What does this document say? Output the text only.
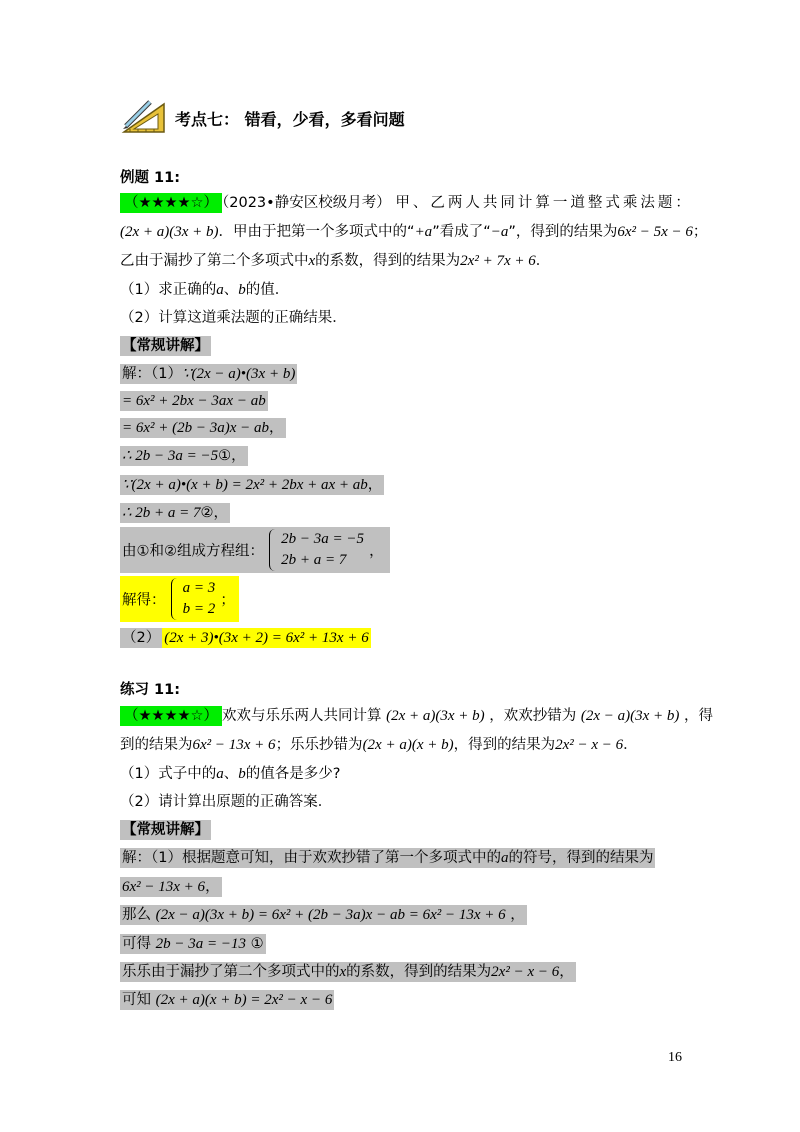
考点七： 错看，少看，多看问题
例题 11:
（★★★★☆） （2023•静安区校级月考） 甲、乙两人共同计算一道整式乘法题：
(2x + a)(3x + b)．甲由于把第一个多项式中的“+a”看成了“−a”，得到的结果为6x² − 5x − 6；
乙由于漏抄了第二个多项式中x的系数，得到的结果为2x² + 7x + 6．
（1）求正确的a、b的值．
（2）计算这道乘法题的正确结果．
【常规讲解】
解：（1）∵(2x − a)•(3x + b)
= 6x² + 2bx − 3ax − ab
= 6x² + (2b − 3a)x − ab，
∴ 2b − 3a = −5①，
∵(2x + a)•(x + b) = 2x² + 2bx + ax + ab，
∴ 2b + a = 7②，
由①和②组成方程组：
2b − 3a = −5
2b + a = 7
，
解得：
a = 3
b = 2
；
（2） (2x + 3)•(3x + 2) = 6x² + 13x + 6
练习 11:
（★★★★☆） 欢欢与乐乐两人共同计算 (2x + a)(3x + b) ，欢欢抄错为 (2x − a)(3x + b) ，得
到的结果为6x² − 13x + 6；乐乐抄错为(2x + a)(x + b)，得到的结果为2x² − x − 6．
（1）式子中的a、b的值各是多少?
（2）请计算出原题的正确答案．
【常规讲解】
解：（1）根据题意可知，由于欢欢抄错了第一个多项式中的a的符号，得到的结果为
6x² − 13x + 6，
那么 (2x − a)(3x + b) = 6x² + (2b − 3a)x − ab = 6x² − 13x + 6 ，
可得 2b − 3a = −13 ①
乐乐由于漏抄了第二个多项式中的x的系数，得到的结果为2x² − x − 6，
可知 (2x + a)(x + b) = 2x² − x − 6
16
